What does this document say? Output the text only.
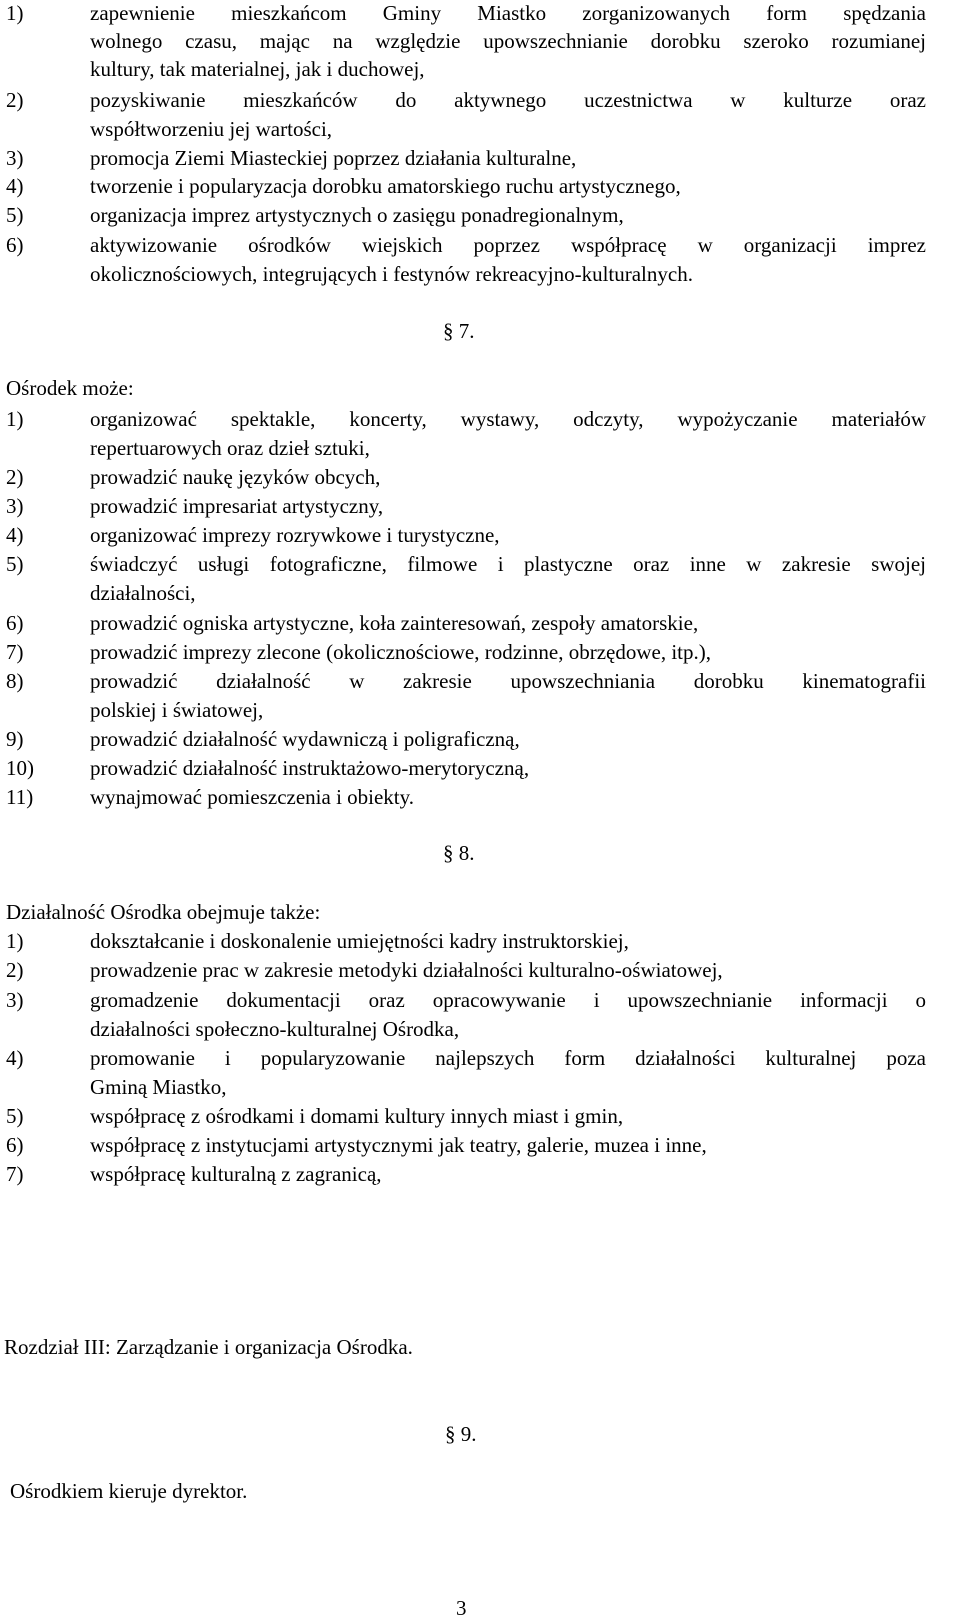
1)	zapewnienie mieszkańcom Gminy Miastko zorganizowanych form spędzania
wolnego czasu, mając na względzie upowszechnianie dorobku szeroko rozumianej
kultury, tak materialnej, jak i duchowej,
2)	pozyskiwanie mieszkańców do aktywnego uczestnictwa w kulturze oraz
współtworzeniu jej wartości,
3)	promocja Ziemi Miasteckiej poprzez działania kulturalne,
4)	tworzenie i popularyzacja dorobku amatorskiego ruchu artystycznego,
5)	organizacja imprez artystycznych o zasięgu ponadregionalnym,
6)	aktywizowanie ośrodków wiejskich poprzez współpracę w organizacji imprez
okolicznościowych, integrujących i festynów rekreacyjno-kulturalnych.
§ 7.
Ośrodek może:
1)	organizować spektakle, koncerty, wystawy, odczyty, wypożyczanie materiałów
repertuarowych oraz dzieł sztuki,
2)	prowadzić naukę języków obcych,
3)	prowadzić impresariat artystyczny,
4)	organizować imprezy rozrywkowe i turystyczne,
5)	świadczyć usługi fotograficzne, filmowe i plastyczne oraz inne w zakresie swojej
działalności,
6)	prowadzić ogniska artystyczne, koła zainteresowań, zespoły amatorskie,
7)	prowadzić imprezy zlecone (okolicznościowe, rodzinne, obrzędowe, itp.),
8)	prowadzić działalność w zakresie upowszechniania dorobku kinematografii
polskiej i światowej,
9)	prowadzić działalność wydawniczą i poligraficzną,
10)	prowadzić działalność instruktażowo-merytoryczną,
11)	wynajmować pomieszczenia i obiekty.
§ 8.
Działalność Ośrodka obejmuje także:
1)	dokształcanie i doskonalenie umiejętności kadry instruktorskiej,
2)	prowadzenie prac w zakresie metodyki działalności kulturalno-oświatowej,
3)	gromadzenie dokumentacji oraz opracowywanie i upowszechnianie informacji o
działalności społeczno-kulturalnej Ośrodka,
4)	promowanie i popularyzowanie najlepszych form działalności kulturalnej poza
Gminą Miastko,
5)	współpracę z ośrodkami i domami kultury innych miast i gmin,
6)	współpracę z instytucjami artystycznymi jak teatry, galerie, muzea i inne,
7)	współpracę kulturalną z zagranicą,
Rozdział III: Zarządzanie i organizacja Ośrodka.
§ 9.
Ośrodkiem kieruje dyrektor.
3
